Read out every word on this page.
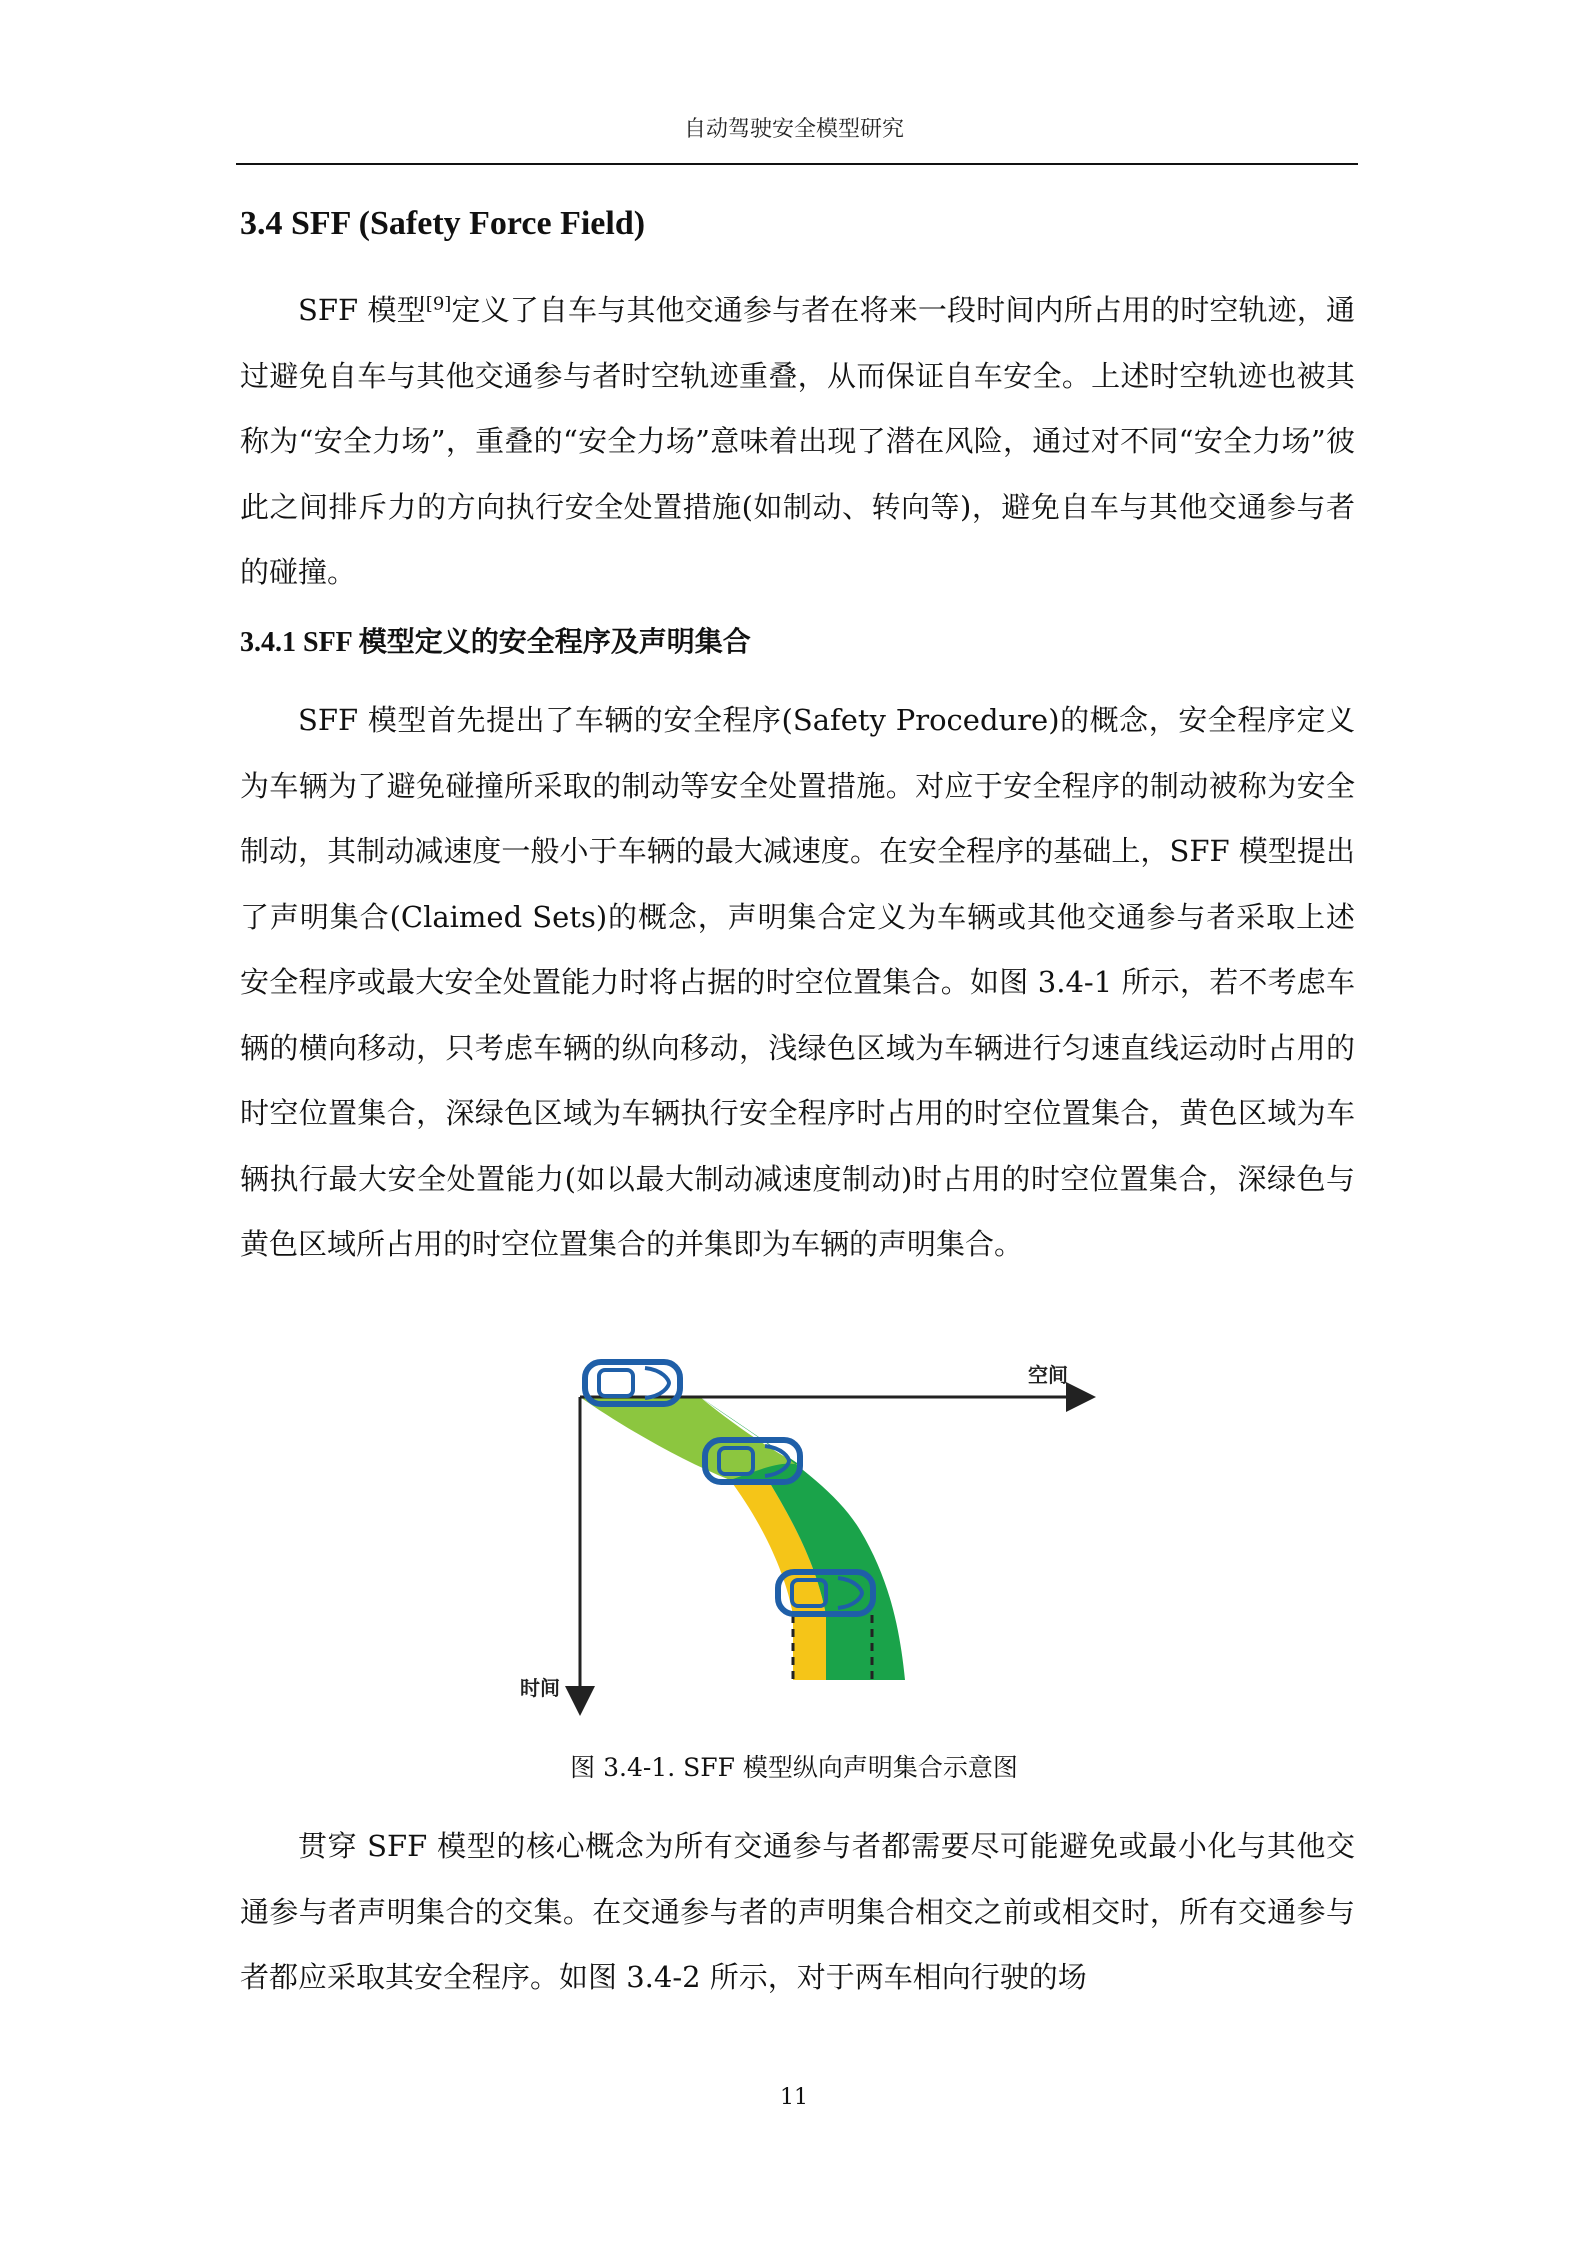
自动驾驶安全模型研究
3.4 SFF (Safety Force Field)

SFF 模型[9]定义了自车与其他交通参与者在将来一段时间内所占用的时空轨迹，通过避免自车与其他交通参与者时空轨迹重叠，从而保证自车安全。上述时空轨迹也被其称为“安全力场”，重叠的“安全力场”意味着出现了潜在风险，通过对不同“安全力场”彼此之间排斥力的方向执行安全处置措施(如制动、转向等)，避免自车与其他交通参与者的碰撞。

3.4.1 SFF 模型定义的安全程序及声明集合

SFF 模型首先提出了车辆的安全程序(Safety Procedure)的概念，安全程序定义为车辆为了避免碰撞所采取的制动等安全处置措施。对应于安全程序的制动被称为安全制动，其制动减速度一般小于车辆的最大减速度。在安全程序的基础上，SFF 模型提出了声明集合(Claimed Sets)的概念，声明集合定义为车辆或其他交通参与者采取上述安全程序或最大安全处置能力时将占据的时空位置集合。如图 3.4-1 所示，若不考虑车辆的横向移动，只考虑车辆的纵向移动，浅绿色区域为车辆进行匀速直线运动时占用的时空位置集合，深绿色区域为车辆执行安全程序时占用的时空位置集合，黄色区域为车辆执行最大安全处置能力(如以最大制动减速度制动)时占用的时空位置集合，深绿色与黄色区域所占用的时空位置集合的并集即为车辆的声明集合。

空间
时间
图 3.4-1. SFF 模型纵向声明集合示意图

贯穿 SFF 模型的核心概念为所有交通参与者都需要尽可能避免或最小化与其他交通参与者声明集合的交集。在交通参与者的声明集合相交之前或相交时，所有交通参与者都应采取其安全程序。如图 3.4-2 所示，对于两车相向行驶的场

11
